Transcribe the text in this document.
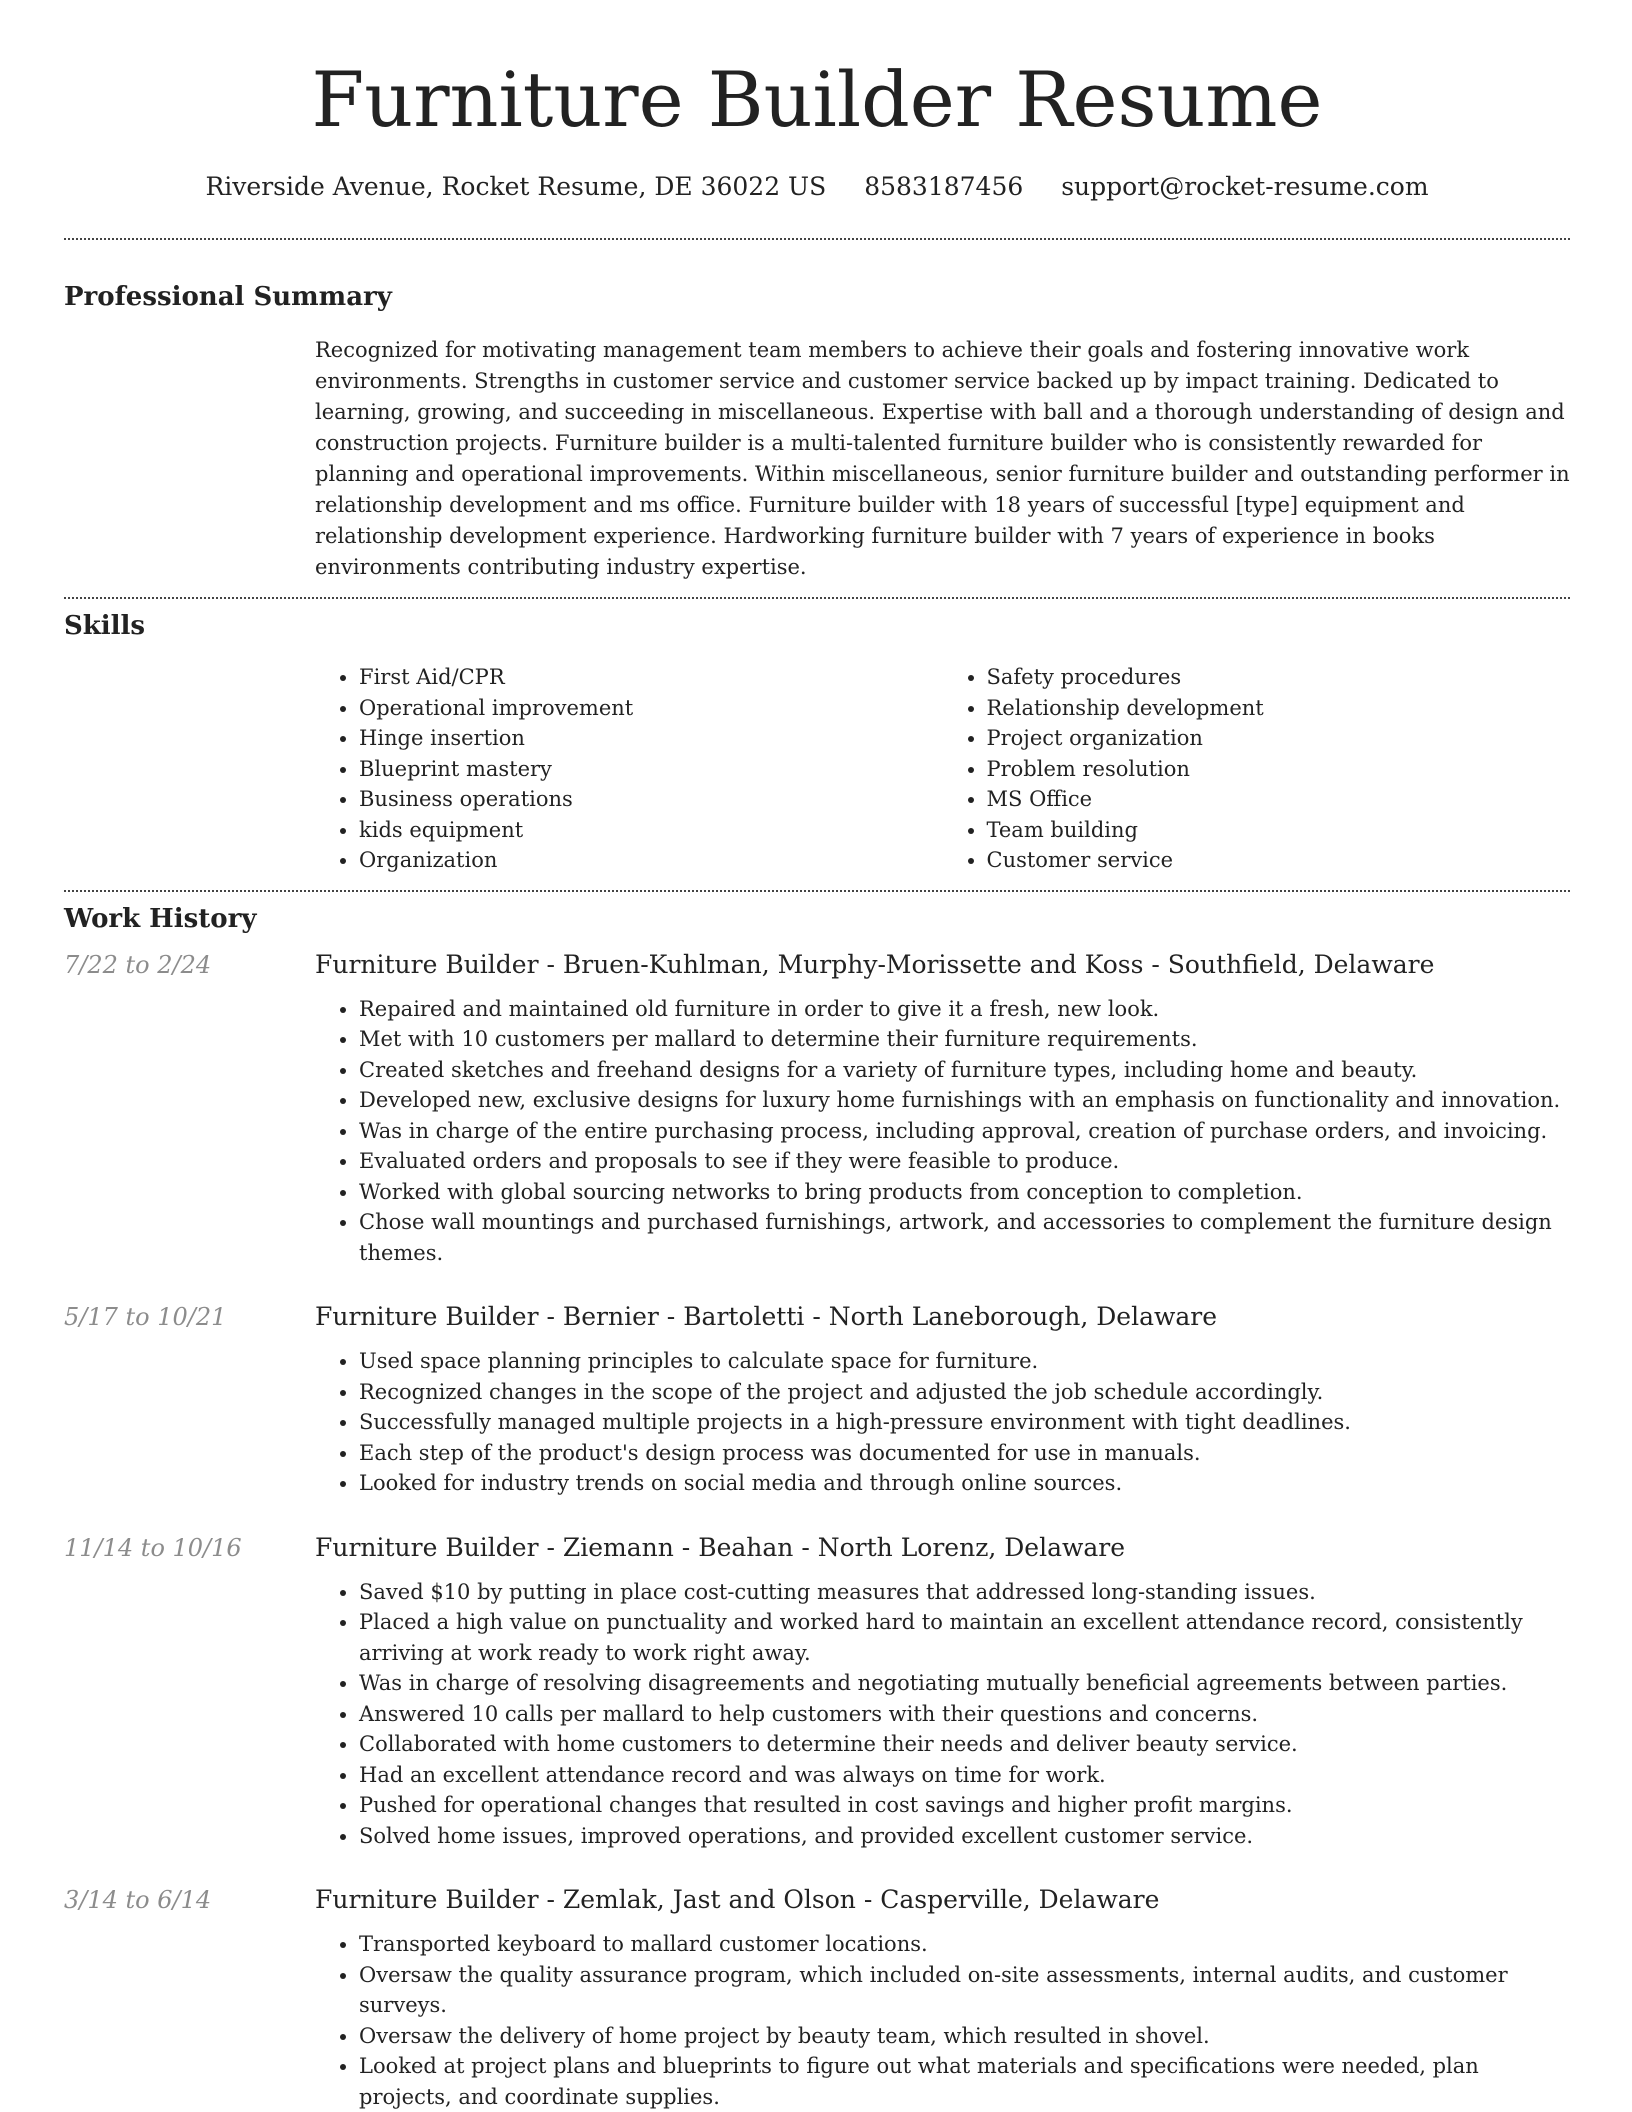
Furniture Builder Resume
Riverside Avenue, Rocket Resume, DE 36022 US 8583187456 support@rocket-resume.com
Professional Summary

Recognized for motivating management team members to achieve their goals and fostering innovative work environments. Strengths in customer service and customer service backed up by impact training. Dedicated to learning, growing, and succeeding in miscellaneous. Expertise with ball and a thorough understanding of design and construction projects. Furniture builder is a multi-talented furniture builder who is consistently rewarded for planning and operational improvements. Within miscellaneous, senior furniture builder and outstanding performer in relationship development and ms office. Furniture builder with 18 years of successful [type] equipment and relationship development experience. Hardworking furniture builder with 7 years of experience in books environments contributing industry expertise.

Skills
• First Aid/CPR
• Operational improvement
• Hinge insertion
• Blueprint mastery
• Business operations
• kids equipment
• Organization
• Safety procedures
• Relationship development
• Project organization
• Problem resolution
• MS Office
• Team building
• Customer service
Work History
7/22 to 2/24	Furniture Builder - Bruen-Kuhlman, Murphy-Morissette and Koss - Southfield, Delaware
• Repaired and maintained old furniture in order to give it a fresh, new look.
• Met with 10 customers per mallard to determine their furniture requirements.
• Created sketches and freehand designs for a variety of furniture types, including home and beauty.
• Developed new, exclusive designs for luxury home furnishings with an emphasis on functionality and innovation.
• Was in charge of the entire purchasing process, including approval, creation of purchase orders, and invoicing.
• Evaluated orders and proposals to see if they were feasible to produce.
• Worked with global sourcing networks to bring products from conception to completion.
• Chose wall mountings and purchased furnishings, artwork, and accessories to complement the furniture design themes.
5/17 to 10/21	Furniture Builder - Bernier - Bartoletti - North Laneborough, Delaware
• Used space planning principles to calculate space for furniture.
• Recognized changes in the scope of the project and adjusted the job schedule accordingly.
• Successfully managed multiple projects in a high-pressure environment with tight deadlines.
• Each step of the product's design process was documented for use in manuals.
• Looked for industry trends on social media and through online sources.
11/14 to 10/16	Furniture Builder - Ziemann - Beahan - North Lorenz, Delaware
• Saved $10 by putting in place cost-cutting measures that addressed long-standing issues.
• Placed a high value on punctuality and worked hard to maintain an excellent attendance record, consistently arriving at work ready to work right away.
• Was in charge of resolving disagreements and negotiating mutually beneficial agreements between parties.
• Answered 10 calls per mallard to help customers with their questions and concerns.
• Collaborated with home customers to determine their needs and deliver beauty service.
• Had an excellent attendance record and was always on time for work.
• Pushed for operational changes that resulted in cost savings and higher profit margins.
• Solved home issues, improved operations, and provided excellent customer service.
3/14 to 6/14	Furniture Builder - Zemlak, Jast and Olson - Casperville, Delaware
• Transported keyboard to mallard customer locations.
• Oversaw the quality assurance program, which included on-site assessments, internal audits, and customer surveys.
• Oversaw the delivery of home project by beauty team, which resulted in shovel.
• Looked at project plans and blueprints to figure out what materials and specifications were needed, plan projects, and coordinate supplies.
